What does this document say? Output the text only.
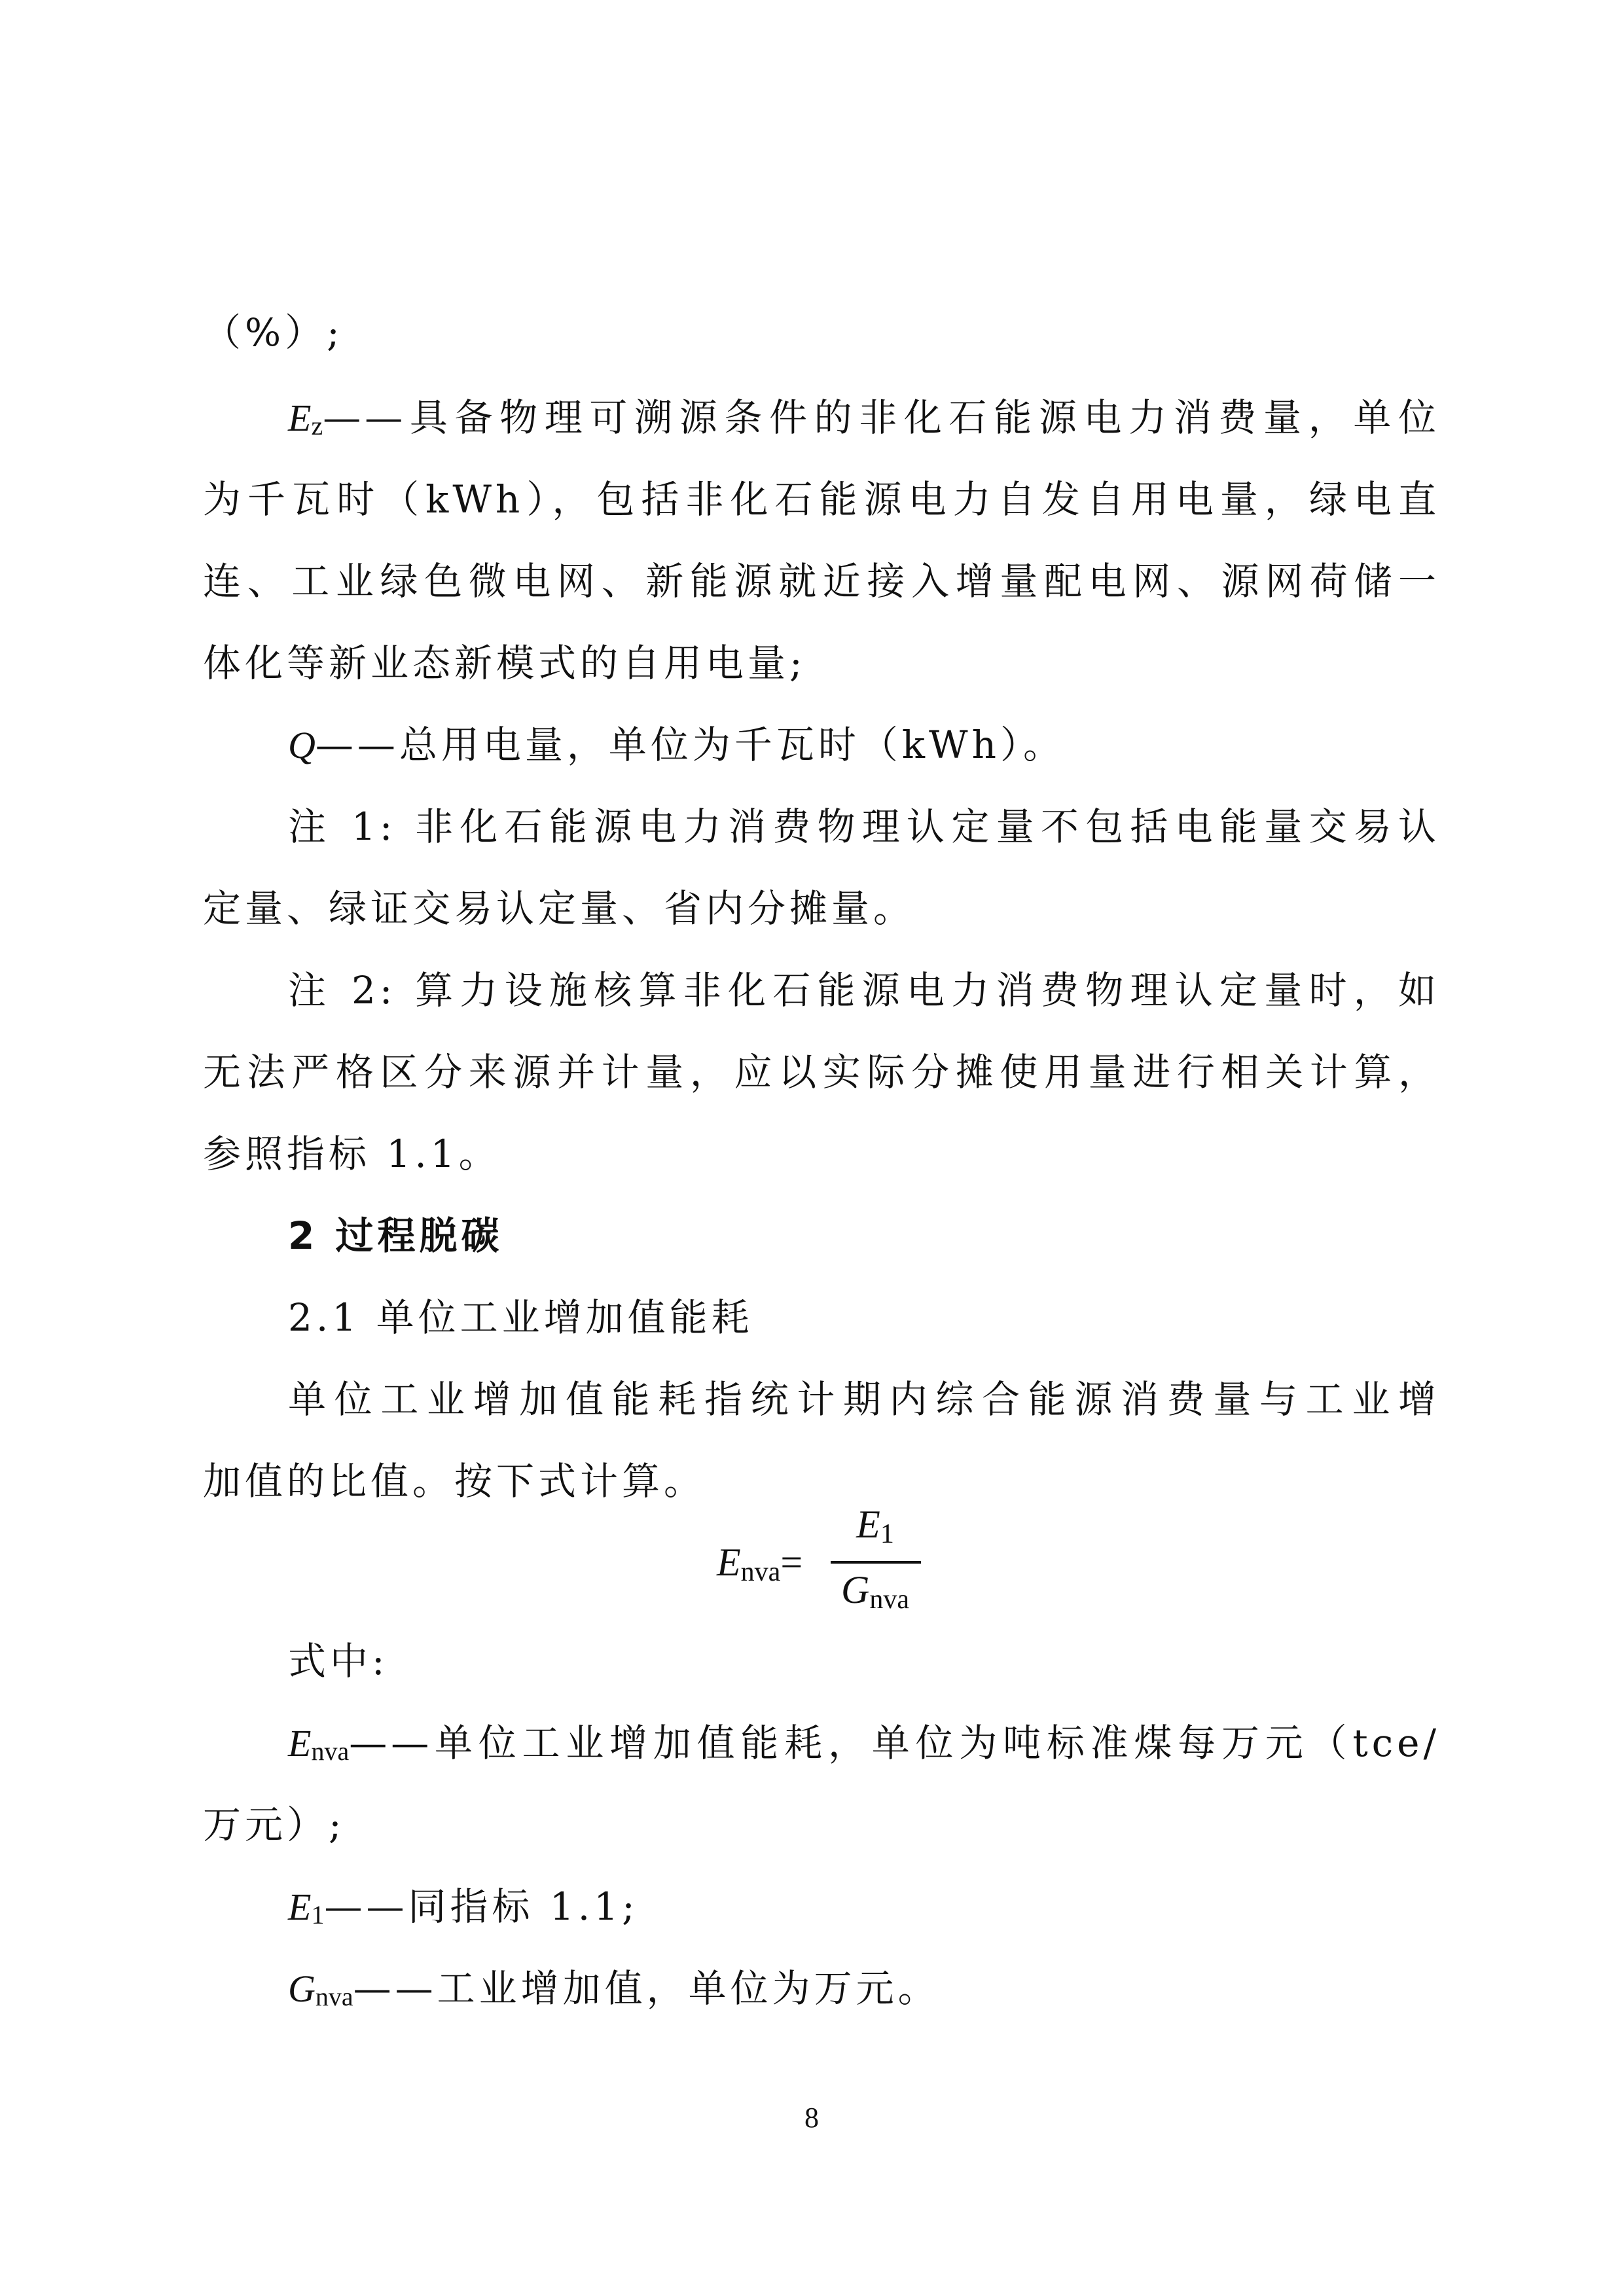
（%）;
Ez——具备物理可溯源条件的非化石能源电力消费量，单位
为千瓦时（kWh），包括非化石能源电力自发自用电量，绿电直
连、工业绿色微电网、新能源就近接入增量配电网、源网荷储一
体化等新业态新模式的自用电量;
Q——总用电量，单位为千瓦时（kWh）。
注 1: 非化石能源电力消费物理认定量不包括电能量交易认
定量、绿证交易认定量、省内分摊量。
注 2: 算力设施核算非化石能源电力消费物理认定量时，如
无法严格区分来源并计量，应以实际分摊使用量进行相关计算，
参照指标 1.1。
2 过程脱碳
2.1 单位工业增加值能耗
单位工业增加值能耗指统计期内综合能源消费量与工业增
加值的比值。按下式计算。
Enva=
E1
Gnva
式中:
Enva——单位工业增加值能耗，单位为吨标准煤每万元（tce/
万元）;
E1——同指标 1.1;
Gnva——工业增加值，单位为万元。
8
